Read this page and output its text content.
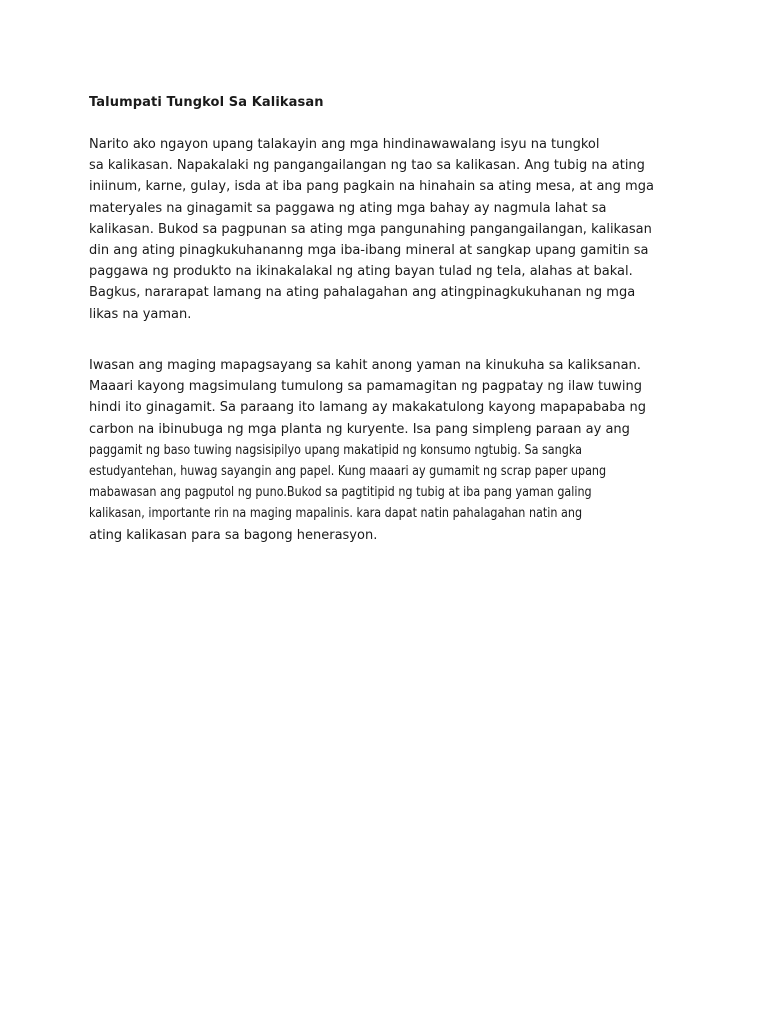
Talumpati Tungkol Sa Kalikasan
Narito ako ngayon upang talakayin ang mga hindinawawalang isyu na tungkol
sa kalikasan. Napakalaki ng pangangailangan ng tao sa kalikasan. Ang tubig na ating
iniinum, karne, gulay, isda at iba pang pagkain na hinahain sa ating mesa, at ang mga
materyales na ginagamit sa paggawa ng ating mga bahay ay nagmula lahat sa
kalikasan. Bukod sa pagpunan sa ating mga pangunahing pangangailangan, kalikasan
din ang ating pinagkukuhananng mga iba-ibang mineral at sangkap upang gamitin sa
paggawa ng produkto na ikinakalakal ng ating bayan tulad ng tela, alahas at bakal.
Bagkus, nararapat lamang na ating pahalagahan ang atingpinagkukuhanan ng mga
likas na yaman.
Iwasan ang maging mapagsayang sa kahit anong yaman na kinukuha sa kaliksanan.
Maaari kayong magsimulang tumulong sa pamamagitan ng pagpatay ng ilaw tuwing
hindi ito ginagamit. Sa paraang ito lamang ay makakatulong kayong mapapababa ng
carbon na ibinubuga ng mga planta ng kuryente. Isa pang simpleng paraan ay ang
paggamit ng baso tuwing nagsisipilyo upang makatipid ng konsumo ngtubig. Sa sangka estudyantehan, huwag sayangin ang papel. Kung maaari ay gumamit ng scrap paper upang mabawasan ang pagputol ng puno.Bukod sa pagtitipid ng tubig at iba pang yaman galing kalikasan, importante rin na maging mapalinis. kara dapat natin pahalagahan natin ang
ating kalikasan para sa bagong henerasyon.
